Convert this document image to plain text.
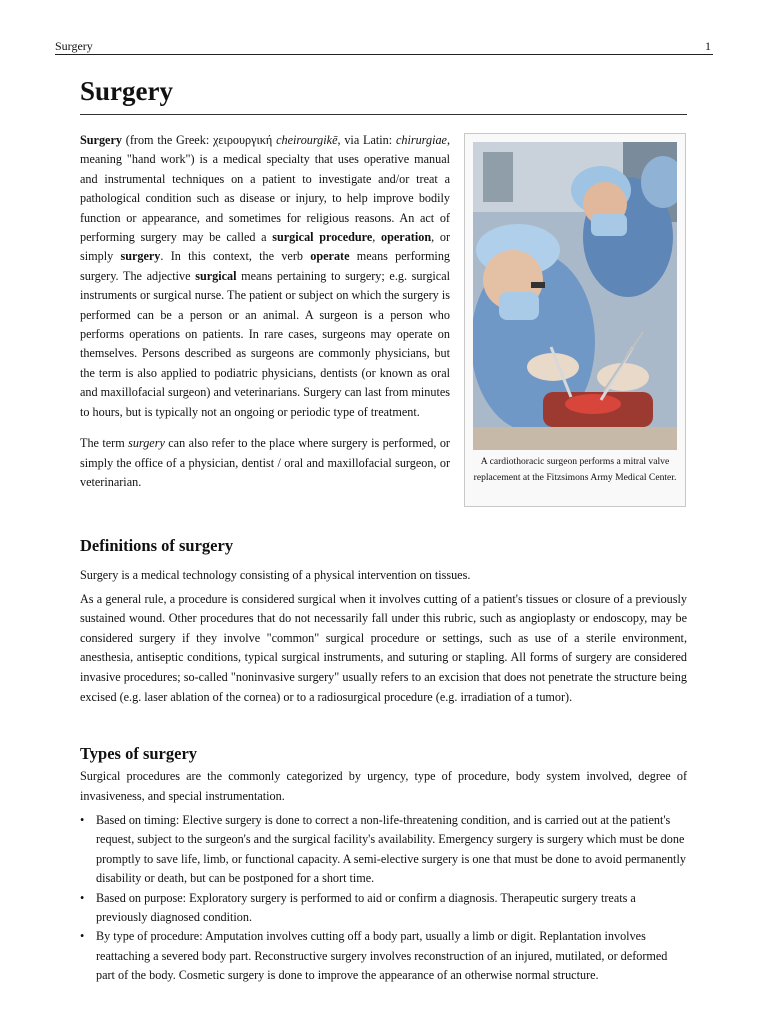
Surgery	1
Surgery

Surgery (from the Greek: χειρουργική cheirourgikē, via Latin: chirurgiae, meaning "hand work") is a medical specialty that uses operative manual and instrumental techniques on a patient to investigate and/or treat a pathological condition such as disease or injury, to help improve bodily function or appearance, and sometimes for religious reasons. An act of performing surgery may be called a surgical procedure, operation, or simply surgery. In this context, the verb operate means performing surgery. The adjective surgical means pertaining to surgery; e.g. surgical instruments or surgical nurse. The patient or subject on which the surgery is performed can be a person or an animal. A surgeon is a person who performs operations on patients. In rare cases, surgeons may operate on themselves. Persons described as surgeons are commonly physicians, but the term is also applied to podiatric physicians, dentists (or known as oral and maxillofacial surgeon) and veterinarians. Surgery can last from minutes to hours, but is typically not an ongoing or periodic type of treatment.

The term surgery can also refer to the place where surgery is performed, or simply the office of a physician, dentist / oral and maxillofacial surgeon, or veterinarian.

A cardiothoracic surgeon performs a mitral valve replacement at the Fitzsimons Army Medical Center.
Definitions of surgery

Surgery is a medical technology consisting of a physical intervention on tissues.

As a general rule, a procedure is considered surgical when it involves cutting of a patient's tissues or closure of a previously sustained wound. Other procedures that do not necessarily fall under this rubric, such as angioplasty or endoscopy, may be considered surgery if they involve "common" surgical procedure or settings, such as use of a sterile environment, anesthesia, antiseptic conditions, typical surgical instruments, and suturing or stapling. All forms of surgery are considered invasive procedures; so-called "noninvasive surgery" usually refers to an excision that does not penetrate the structure being excised (e.g. laser ablation of the cornea) or to a radiosurgical procedure (e.g. irradiation of a tumor).

Types of surgery

Surgical procedures are the commonly categorized by urgency, type of procedure, body system involved, degree of invasiveness, and special instrumentation.

• Based on timing: Elective surgery is done to correct a non-life-threatening condition, and is carried out at the patient's request, subject to the surgeon's and the surgical facility's availability. Emergency surgery is surgery which must be done promptly to save life, limb, or functional capacity. A semi-elective surgery is one that must be done to avoid permanently disability or death, but can be postponed for a short time.
• Based on purpose: Exploratory surgery is performed to aid or confirm a diagnosis. Therapeutic surgery treats a previously diagnosed condition.
• By type of procedure: Amputation involves cutting off a body part, usually a limb or digit. Replantation involves reattaching a severed body part. Reconstructive surgery involves reconstruction of an injured, mutilated, or deformed part of the body. Cosmetic surgery is done to improve the appearance of an otherwise normal structure.
